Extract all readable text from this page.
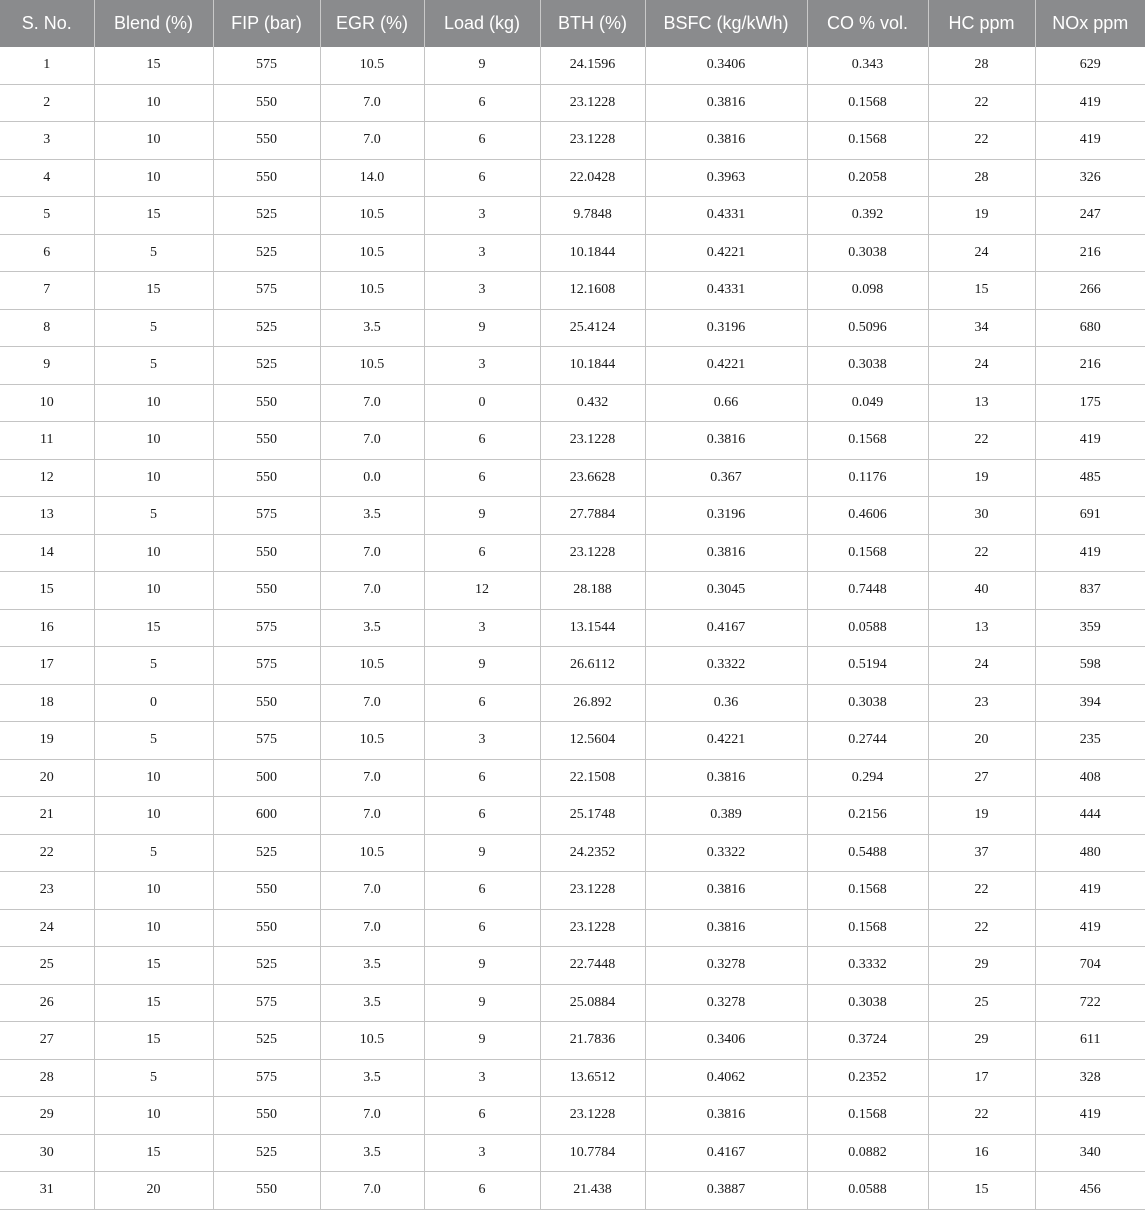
S. No.	Blend (%)	FIP (bar)	EGR (%)	Load (kg)	BTH (%)	BSFC (kg/kWh)	CO % vol.	HC ppm	NOx ppm
1	15	575	10.5	9	24.1596	0.3406	0.343	28	629
2	10	550	7.0	6	23.1228	0.3816	0.1568	22	419
3	10	550	7.0	6	23.1228	0.3816	0.1568	22	419
4	10	550	14.0	6	22.0428	0.3963	0.2058	28	326
5	15	525	10.5	3	9.7848	0.4331	0.392	19	247
6	5	525	10.5	3	10.1844	0.4221	0.3038	24	216
7	15	575	10.5	3	12.1608	0.4331	0.098	15	266
8	5	525	3.5	9	25.4124	0.3196	0.5096	34	680
9	5	525	10.5	3	10.1844	0.4221	0.3038	24	216
10	10	550	7.0	0	0.432	0.66	0.049	13	175
11	10	550	7.0	6	23.1228	0.3816	0.1568	22	419
12	10	550	0.0	6	23.6628	0.367	0.1176	19	485
13	5	575	3.5	9	27.7884	0.3196	0.4606	30	691
14	10	550	7.0	6	23.1228	0.3816	0.1568	22	419
15	10	550	7.0	12	28.188	0.3045	0.7448	40	837
16	15	575	3.5	3	13.1544	0.4167	0.0588	13	359
17	5	575	10.5	9	26.6112	0.3322	0.5194	24	598
18	0	550	7.0	6	26.892	0.36	0.3038	23	394
19	5	575	10.5	3	12.5604	0.4221	0.2744	20	235
20	10	500	7.0	6	22.1508	0.3816	0.294	27	408
21	10	600	7.0	6	25.1748	0.389	0.2156	19	444
22	5	525	10.5	9	24.2352	0.3322	0.5488	37	480
23	10	550	7.0	6	23.1228	0.3816	0.1568	22	419
24	10	550	7.0	6	23.1228	0.3816	0.1568	22	419
25	15	525	3.5	9	22.7448	0.3278	0.3332	29	704
26	15	575	3.5	9	25.0884	0.3278	0.3038	25	722
27	15	525	10.5	9	21.7836	0.3406	0.3724	29	611
28	5	575	3.5	3	13.6512	0.4062	0.2352	17	328
29	10	550	7.0	6	23.1228	0.3816	0.1568	22	419
30	15	525	3.5	3	10.7784	0.4167	0.0882	16	340
31	20	550	7.0	6	21.438	0.3887	0.0588	15	456
